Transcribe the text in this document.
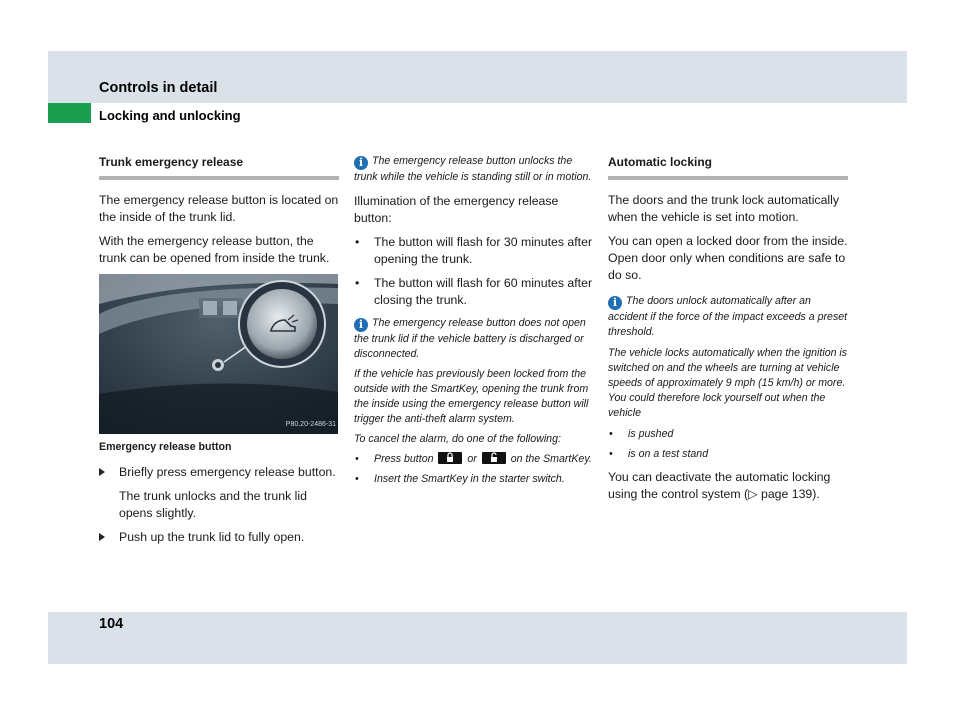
Controls in detail
Locking and unlocking
Trunk emergency release

The emergency release button is located on the inside of the trunk lid.

With the emergency release button, the trunk can be opened from inside the trunk.

P80.20-2486-31
Emergency release button
Briefly press emergency release button.
The trunk unlocks and the trunk lid opens slightly.
Push up the trunk lid to fully open.
i The emergency release button unlocks the trunk while the vehicle is standing still or in motion.

Illumination of the emergency release button:

• The button will flash for 30 minutes after opening the trunk.
• The button will flash for 60 minutes after closing the trunk.
i The emergency release button does not open the trunk lid if the vehicle battery is discharged or disconnected.
If the vehicle has previously been locked from the outside with the SmartKey, opening the trunk from the inside using the emergency release button will trigger the anti-theft alarm system.
To cancel the alarm, do one of the following:
• Press button	or	on the SmartKey.
• Insert the SmartKey in the starter switch.
Automatic locking

The doors and the trunk lock automatically when the vehicle is set into motion.

You can open a locked door from the inside. Open door only when conditions are safe to do so.

i The doors unlock automatically after an accident if the force of the impact exceeds a preset threshold.
The vehicle locks automatically when the ignition is switched on and the wheels are turning at vehicle speeds of approximately 9 mph (15 km/h) or more. You could therefore lock yourself out when the vehicle
• is pushed
• is on a test stand

You can deactivate the automatic locking using the control system (▷ page 139).

104
